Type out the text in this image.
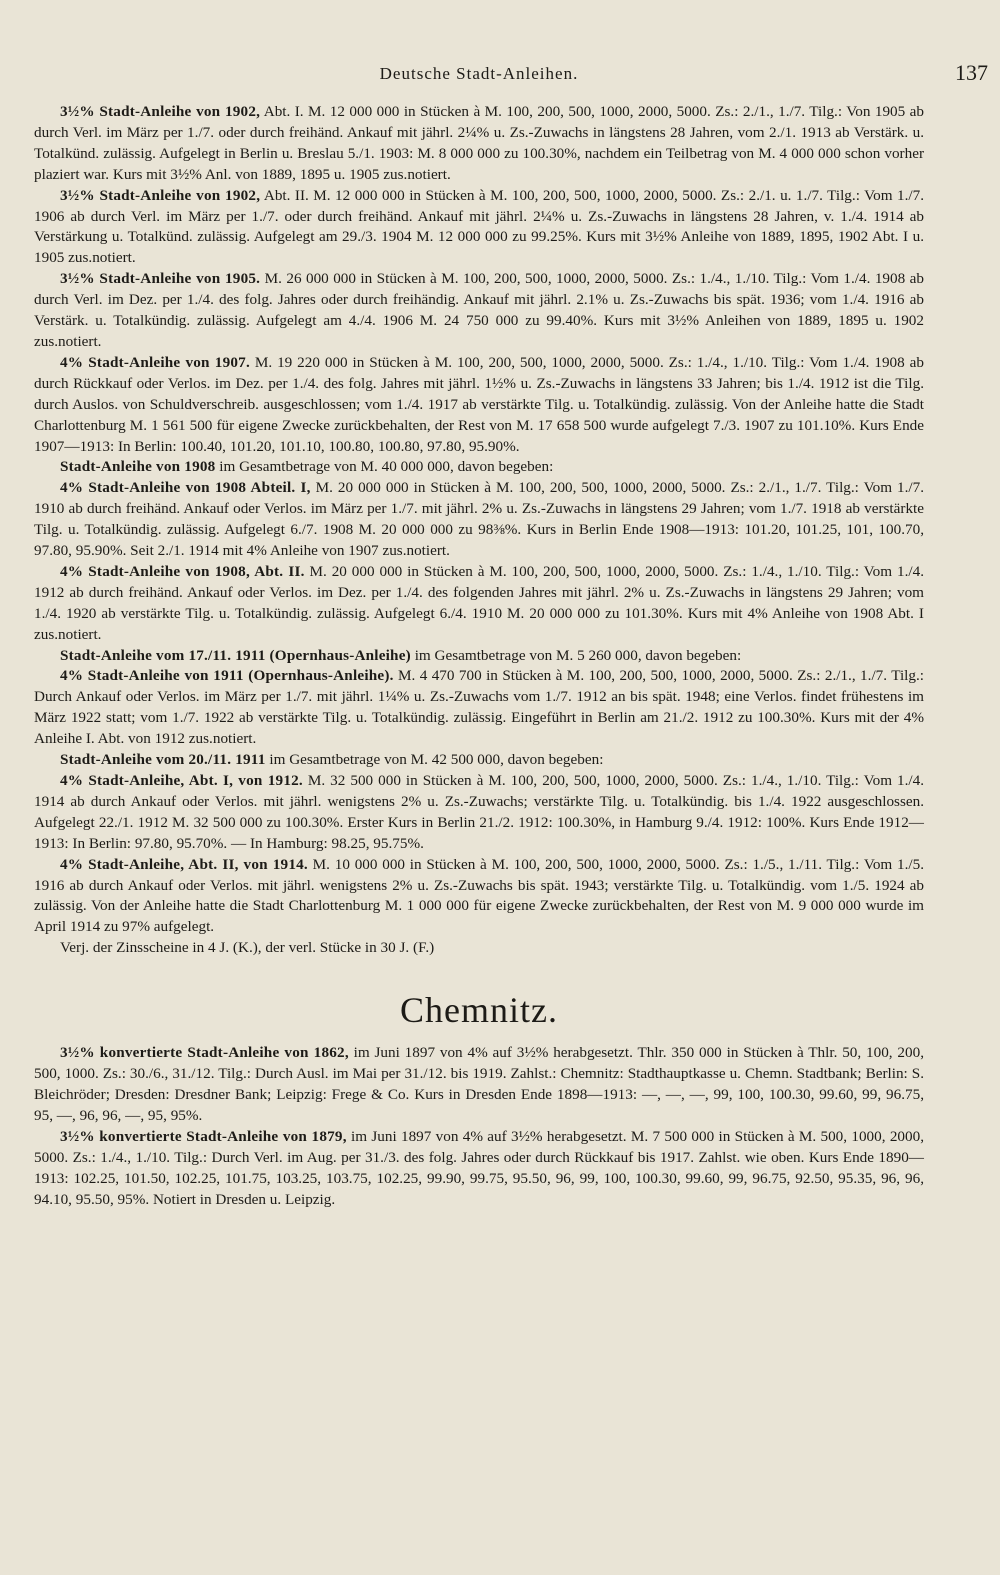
Deutsche Stadt-Anleihen.	137

3½% Stadt-Anleihe von 1902, Abt. I. M. 12 000 000 in Stücken à M. 100, 200, 500, 1000, 2000, 5000. Zs.: 2./1., 1./7. Tilg.: Von 1905 ab durch Verl. im März per 1./7. oder durch freihänd. Ankauf mit jährl. 2¼% u. Zs.-Zuwachs in längstens 28 Jahren, vom 2./1. 1913 ab Verstärk. u. Totalkünd. zulässig. Aufgelegt in Berlin u. Breslau 5./1. 1903: M. 8 000 000 zu 100.30%, nachdem ein Teilbetrag von M. 4 000 000 schon vorher plaziert war. Kurs mit 3½% Anl. von 1889, 1895 u. 1905 zus.notiert.

3½% Stadt-Anleihe von 1902, Abt. II. M. 12 000 000 in Stücken à M. 100, 200, 500, 1000, 2000, 5000. Zs.: 2./1. u. 1./7. Tilg.: Vom 1./7. 1906 ab durch Verl. im März per 1./7. oder durch freihänd. Ankauf mit jährl. 2¼% u. Zs.-Zuwachs in längstens 28 Jahren, v. 1./4. 1914 ab Verstärkung u. Totalkünd. zulässig. Aufgelegt am 29./3. 1904 M. 12 000 000 zu 99.25%. Kurs mit 3½% Anleihe von 1889, 1895, 1902 Abt. I u. 1905 zus.notiert.

3½% Stadt-Anleihe von 1905. M. 26 000 000 in Stücken à M. 100, 200, 500, 1000, 2000, 5000. Zs.: 1./4., 1./10. Tilg.: Vom 1./4. 1908 ab durch Verl. im Dez. per 1./4. des folg. Jahres oder durch freihändig. Ankauf mit jährl. 2.1% u. Zs.-Zuwachs bis spät. 1936; vom 1./4. 1916 ab Verstärk. u. Totalkündig. zulässig. Aufgelegt am 4./4. 1906 M. 24 750 000 zu 99.40%. Kurs mit 3½% Anleihen von 1889, 1895 u. 1902 zus.notiert.

4% Stadt-Anleihe von 1907. M. 19 220 000 in Stücken à M. 100, 200, 500, 1000, 2000, 5000. Zs.: 1./4., 1./10. Tilg.: Vom 1./4. 1908 ab durch Rückkauf oder Verlos. im Dez. per 1./4. des folg. Jahres mit jährl. 1½% u. Zs.-Zuwachs in längstens 33 Jahren; bis 1./4. 1912 ist die Tilg. durch Auslos. von Schuldverschreib. ausgeschlossen; vom 1./4. 1917 ab verstärkte Tilg. u. Totalkündig. zulässig. Von der Anleihe hatte die Stadt Charlottenburg M. 1 561 500 für eigene Zwecke zurückbehalten, der Rest von M. 17 658 500 wurde aufgelegt 7./3. 1907 zu 101.10%. Kurs Ende 1907—1913: In Berlin: 100.40, 101.20, 101.10, 100.80, 100.80, 97.80, 95.90%.

Stadt-Anleihe von 1908 im Gesamtbetrage von M. 40 000 000, davon begeben:

4% Stadt-Anleihe von 1908 Abteil. I, M. 20 000 000 in Stücken à M. 100, 200, 500, 1000, 2000, 5000. Zs.: 2./1., 1./7. Tilg.: Vom 1./7. 1910 ab durch freihänd. Ankauf oder Verlos. im März per 1./7. mit jährl. 2% u. Zs.-Zuwachs in längstens 29 Jahren; vom 1./7. 1918 ab verstärkte Tilg. u. Totalkündig. zulässig. Aufgelegt 6./7. 1908 M. 20 000 000 zu 98⅜%. Kurs in Berlin Ende 1908—1913: 101.20, 101.25, 101, 100.70, 97.80, 95.90%. Seit 2./1. 1914 mit 4% Anleihe von 1907 zus.notiert.

4% Stadt-Anleihe von 1908, Abt. II. M. 20 000 000 in Stücken à M. 100, 200, 500, 1000, 2000, 5000. Zs.: 1./4., 1./10. Tilg.: Vom 1./4. 1912 ab durch freihänd. Ankauf oder Verlos. im Dez. per 1./4. des folgenden Jahres mit jährl. 2% u. Zs.-Zuwachs in längstens 29 Jahren; vom 1./4. 1920 ab verstärkte Tilg. u. Totalkündig. zulässig. Aufgelegt 6./4. 1910 M. 20 000 000 zu 101.30%. Kurs mit 4% Anleihe von 1908 Abt. I zus.notiert.

Stadt-Anleihe vom 17./11. 1911 (Opernhaus-Anleihe) im Gesamtbetrage von M. 5 260 000, davon begeben:

4% Stadt-Anleihe von 1911 (Opernhaus-Anleihe). M. 4 470 700 in Stücken à M. 100, 200, 500, 1000, 2000, 5000. Zs.: 2./1., 1./7. Tilg.: Durch Ankauf oder Verlos. im März per 1./7. mit jährl. 1¼% u. Zs.-Zuwachs vom 1./7. 1912 an bis spät. 1948; eine Verlos. findet frühestens im März 1922 statt; vom 1./7. 1922 ab verstärkte Tilg. u. Totalkündig. zulässig. Eingeführt in Berlin am 21./2. 1912 zu 100.30%. Kurs mit der 4% Anleihe I. Abt. von 1912 zus.notiert.

Stadt-Anleihe vom 20./11. 1911 im Gesamtbetrage von M. 42 500 000, davon begeben:

4% Stadt-Anleihe, Abt. I, von 1912. M. 32 500 000 in Stücken à M. 100, 200, 500, 1000, 2000, 5000. Zs.: 1./4., 1./10. Tilg.: Vom 1./4. 1914 ab durch Ankauf oder Verlos. mit jährl. wenigstens 2% u. Zs.-Zuwachs; verstärkte Tilg. u. Totalkündig. bis 1./4. 1922 ausgeschlossen. Aufgelegt 22./1. 1912 M. 32 500 000 zu 100.30%. Erster Kurs in Berlin 21./2. 1912: 100.30%, in Hamburg 9./4. 1912: 100%. Kurs Ende 1912—1913: In Berlin: 97.80, 95.70%. — In Hamburg: 98.25, 95.75%.

4% Stadt-Anleihe, Abt. II, von 1914. M. 10 000 000 in Stücken à M. 100, 200, 500, 1000, 2000, 5000. Zs.: 1./5., 1./11. Tilg.: Vom 1./5. 1916 ab durch Ankauf oder Verlos. mit jährl. wenigstens 2% u. Zs.-Zuwachs bis spät. 1943; verstärkte Tilg. u. Totalkündig. vom 1./5. 1924 ab zulässig. Von der Anleihe hatte die Stadt Charlottenburg M. 1 000 000 für eigene Zwecke zurückbehalten, der Rest von M. 9 000 000 wurde im April 1914 zu 97% aufgelegt.

Verj. der Zinsscheine in 4 J. (K.), der verl. Stücke in 30 J. (F.)

Chemnitz.

3½% konvertierte Stadt-Anleihe von 1862, im Juni 1897 von 4% auf 3½% herabgesetzt. Thlr. 350 000 in Stücken à Thlr. 50, 100, 200, 500, 1000. Zs.: 30./6., 31./12. Tilg.: Durch Ausl. im Mai per 31./12. bis 1919. Zahlst.: Chemnitz: Stadthauptkasse u. Chemn. Stadtbank; Berlin: S. Bleichröder; Dresden: Dresdner Bank; Leipzig: Frege & Co. Kurs in Dresden Ende 1898—1913: —, —, —, 99, 100, 100.30, 99.60, 99, 96.75, 95, —, 96, 96, —, 95, 95%.

3½% konvertierte Stadt-Anleihe von 1879, im Juni 1897 von 4% auf 3½% herabgesetzt. M. 7 500 000 in Stücken à M. 500, 1000, 2000, 5000. Zs.: 1./4., 1./10. Tilg.: Durch Verl. im Aug. per 31./3. des folg. Jahres oder durch Rückkauf bis 1917. Zahlst. wie oben. Kurs Ende 1890—1913: 102.25, 101.50, 102.25, 101.75, 103.25, 103.75, 102.25, 99.90, 99.75, 95.50, 96, 99, 100, 100.30, 99.60, 99, 96.75, 92.50, 95.35, 96, 96, 94.10, 95.50, 95%. Notiert in Dresden u. Leipzig.
